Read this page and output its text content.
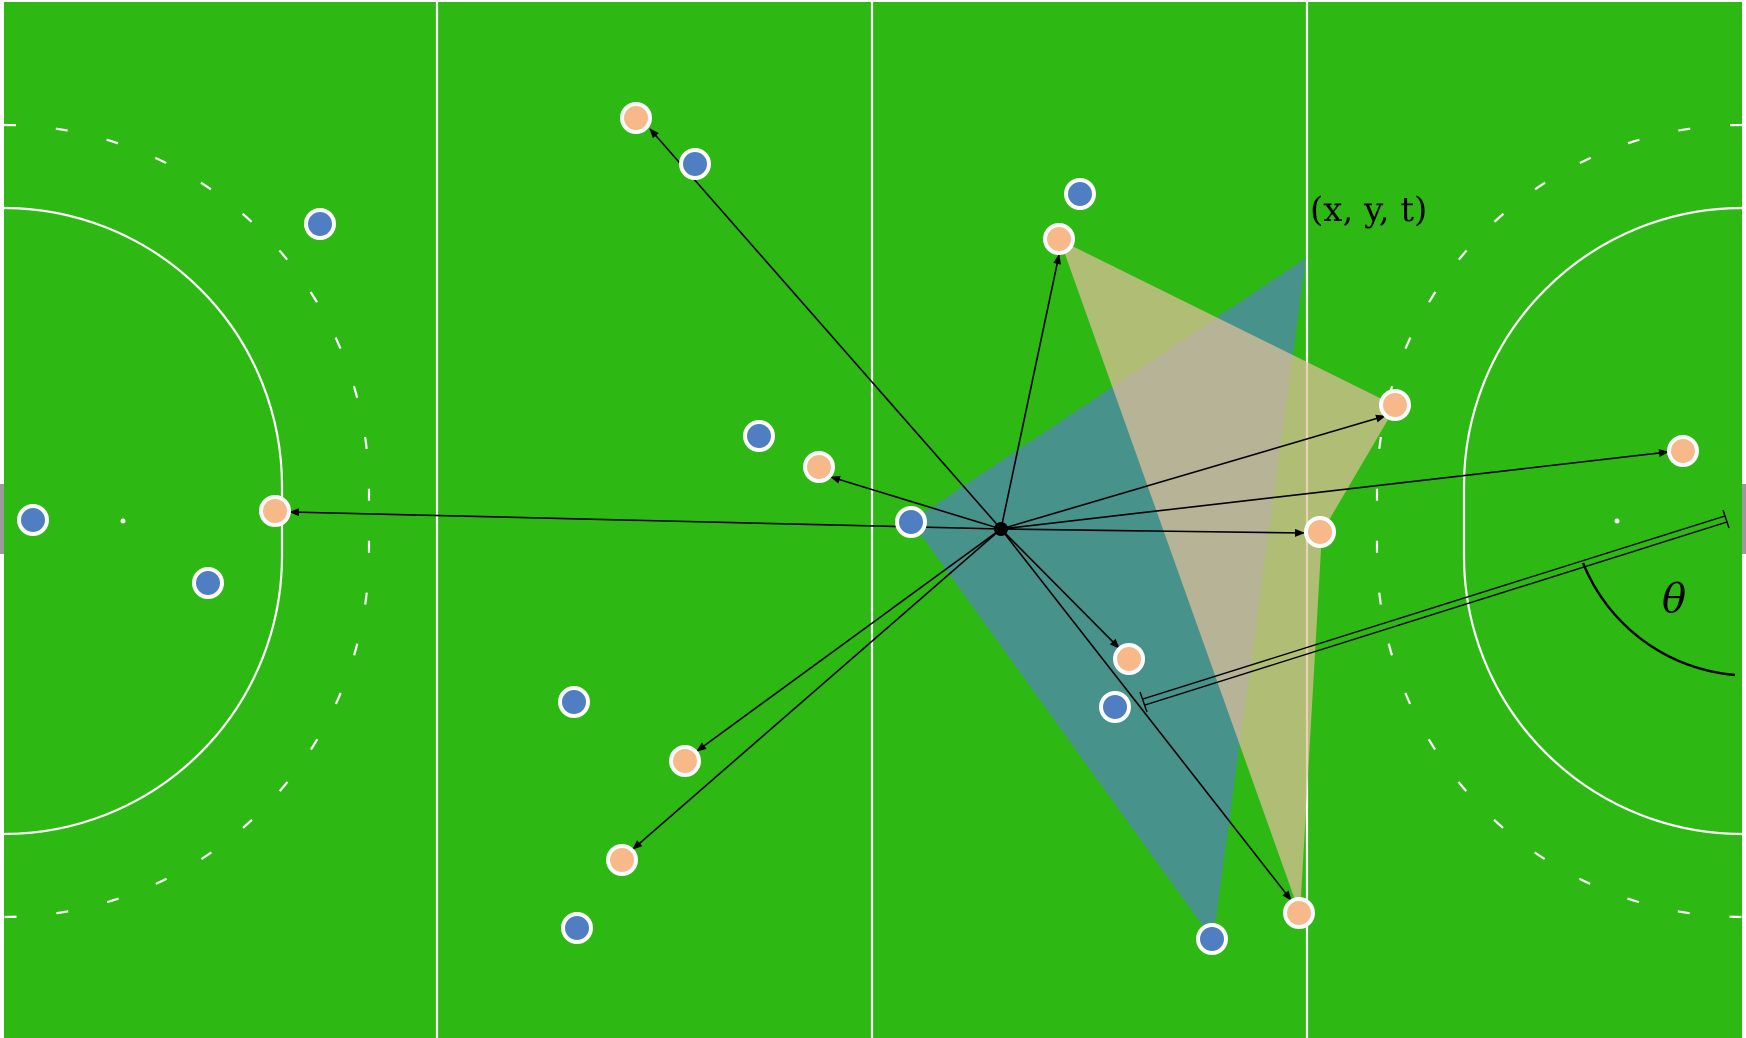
(x, y, t)
θ
